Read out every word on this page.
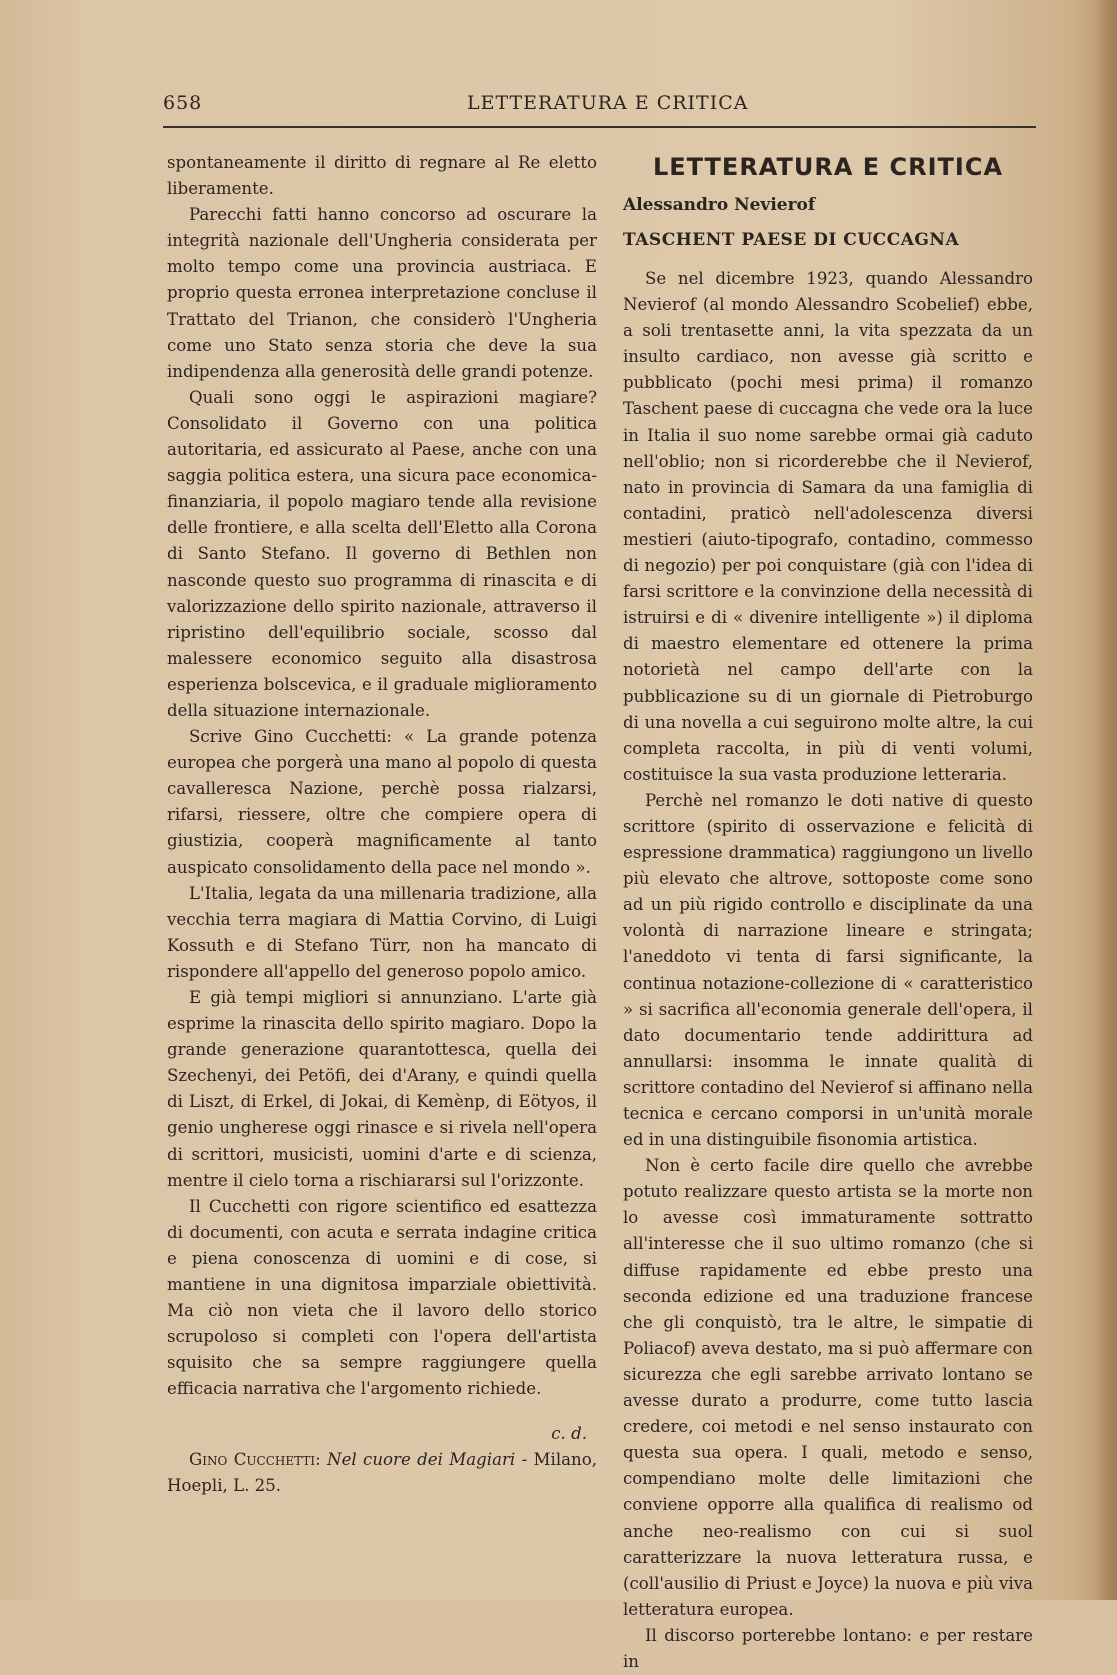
658	LETTERATURA E CRITICA

spontaneamente il diritto di regnare al Re eletto liberamente.

Parecchi fatti hanno concorso ad oscurare la integrità nazionale dell'Ungheria considerata per molto tempo come una provincia austriaca. E proprio questa erronea interpretazione concluse il Trattato del Trianon, che considerò l'Ungheria come uno Stato senza storia che deve la sua indipendenza alla generosità delle grandi potenze.

Quali sono oggi le aspirazioni magiare? Consolidato il Governo con una politica autoritaria, ed assicurato al Paese, anche con una saggia politica estera, una sicura pace economica-finanziaria, il popolo magiaro tende alla revisione delle frontiere, e alla scelta dell'Eletto alla Corona di Santo Stefano. Il governo di Bethlen non nasconde questo suo programma di rinascita e di valorizzazione dello spirito nazionale, attraverso il ripristino dell'equilibrio sociale, scosso dal malessere economico seguito alla disastrosa esperienza bolscevica, e il graduale miglioramento della situazione internazionale.

Scrive Gino Cucchetti: « La grande potenza europea che porgerà una mano al popolo di questa cavalleresca Nazione, perchè possa rialzarsi, rifarsi, riessere, oltre che compiere opera di giustizia, cooperà magnificamente al tanto auspicato consolidamento della pace nel mondo ».

L'Italia, legata da una millenaria tradizione, alla vecchia terra magiara di Mattia Corvino, di Luigi Kossuth e di Stefano Türr, non ha mancato di rispondere all'appello del generoso popolo amico.

E già tempi migliori si annunziano. L'arte già esprime la rinascita dello spirito magiaro. Dopo la grande generazione quarantottesca, quella dei Szechenyi, dei Petöfi, dei d'Arany, e quindi quella di Liszt, di Erkel, di Jokai, di Kemènp, di Eötyos, il genio ungherese oggi rinasce e si rivela nell'opera di scrittori, musicisti, uomini d'arte e di scienza, mentre il cielo torna a rischiararsi sul l'orizzonte.

Il Cucchetti con rigore scientifico ed esattezza di documenti, con acuta e serrata indagine critica e piena conoscenza di uomini e di cose, si mantiene in una dignitosa imparziale obiettività. Ma ciò non vieta che il lavoro dello storico scrupoloso si completi con l'opera dell'artista squisito che sa sempre raggiungere quella efficacia narrativa che l'argomento richiede.

c. d.

Gino Cucchetti: Nel cuore dei Magiari - Milano, Hoepli, L. 25.

LETTERATURA E CRITICA
Alessandro Nevierof
TASCHENT PAESE DI CUCCAGNA

Se nel dicembre 1923, quando Alessandro Nevierof (al mondo Alessandro Scobelief) ebbe, a soli trentasette anni, la vita spezzata da un insulto cardiaco, non avesse già scritto e pubblicato (pochi mesi prima) il romanzo Taschent paese di cuccagna che vede ora la luce in Italia il suo nome sarebbe ormai già caduto nell'oblio; non si ricorderebbe che il Nevierof, nato in provincia di Samara da una famiglia di contadini, praticò nell'adolescenza diversi mestieri (aiuto-tipografo, contadino, commesso di negozio) per poi conquistare (già con l'idea di farsi scrittore e la convinzione della necessità di istruirsi e di « divenire intelligente ») il diploma di maestro elementare ed ottenere la prima notorietà nel campo dell'arte con la pubblicazione su di un giornale di Pietroburgo di una novella a cui seguirono molte altre, la cui completa raccolta, in più di venti volumi, costituisce la sua vasta produzione letteraria.

Perchè nel romanzo le doti native di questo scrittore (spirito di osservazione e felicità di espressione drammatica) raggiungono un livello più elevato che altrove, sottoposte come sono ad un più rigido controllo e disciplinate da una volontà di narrazione lineare e stringata; l'aneddoto vi tenta di farsi significante, la continua notazione-collezione di « caratteristico » si sacrifica all'economia generale dell'opera, il dato documentario tende addirittura ad annullarsi: insomma le innate qualità di scrittore contadino del Nevierof si affinano nella tecnica e cercano comporsi in un'unità morale ed in una distinguibile fisonomia artistica.

Non è certo facile dire quello che avrebbe potuto realizzare questo artista se la morte non lo avesse così immaturamente sottratto all'interesse che il suo ultimo romanzo (che si diffuse rapidamente ed ebbe presto una seconda edizione ed una traduzione francese che gli conquistò, tra le altre, le simpatie di Poliacof) aveva destato, ma si può affermare con sicurezza che egli sarebbe arrivato lontano se avesse durato a produrre, come tutto lascia credere, coi metodi e nel senso instaurato con questa sua opera. I quali, metodo e senso, compendiano molte delle limitazioni che conviene opporre alla qualifica di realismo od anche neo-realismo con cui si suol caratterizzare la nuova letteratura russa, e (coll'ausilio di Priust e Joyce) la nuova e più viva letteratura europea.

Il discorso porterebbe lontano: e per restare in
